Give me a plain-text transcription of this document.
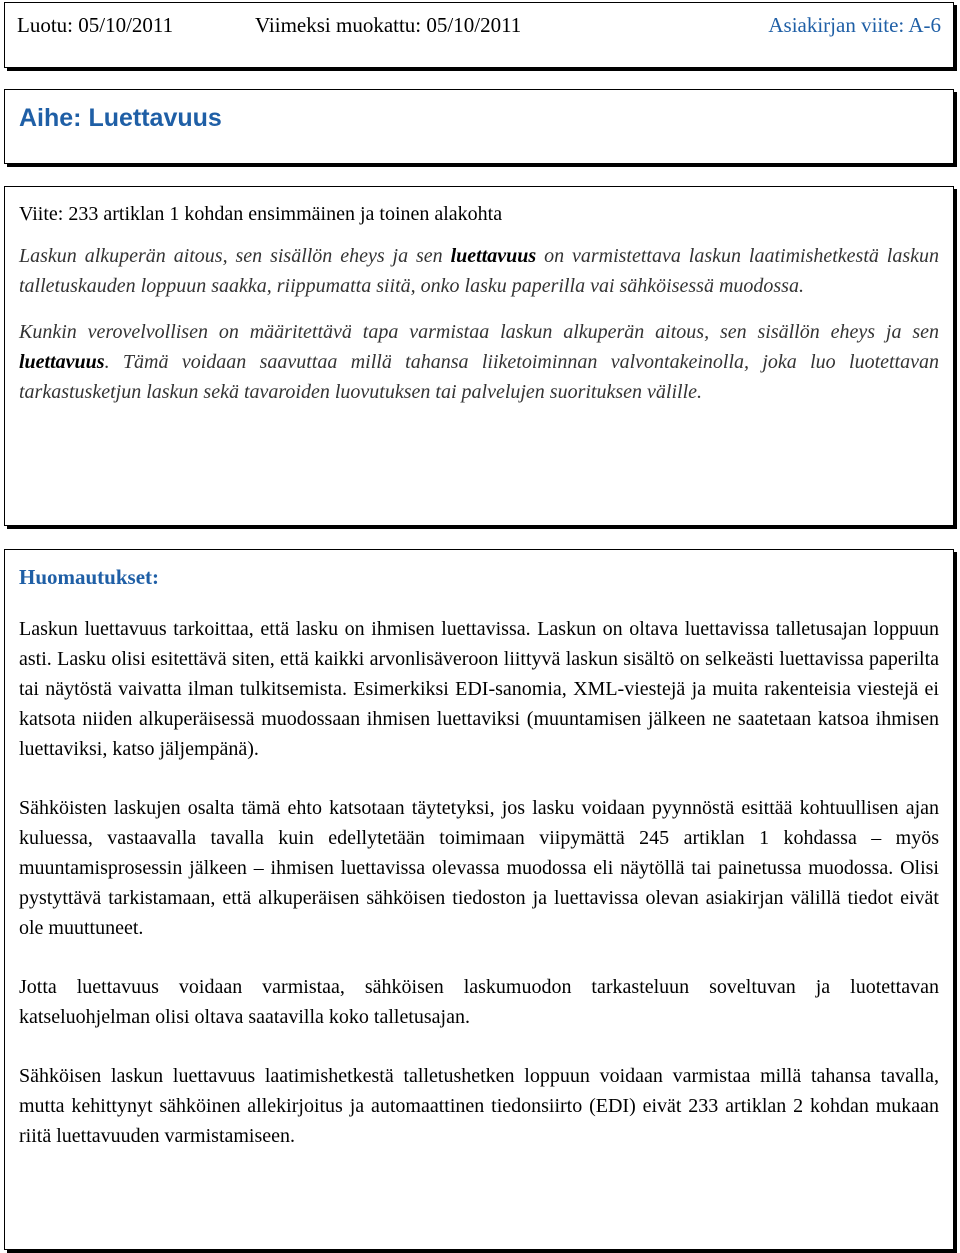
Luotu: 05/10/2011	Viimeksi muokattu: 05/10/2011	Asiakirjan viite: A-6
Aihe: Luettavuus

Viite: 233 artiklan 1 kohdan ensimmäinen ja toinen alakohta

Laskun alkuperän aitous, sen sisällön eheys ja sen luettavuus on varmistettava laskun laatimishetkestä laskun talletuskauden loppuun saakka, riippumatta siitä, onko lasku paperilla vai sähköisessä muodossa.

Kunkin verovelvollisen on määritettävä tapa varmistaa laskun alkuperän aitous, sen sisällön eheys ja sen luettavuus. Tämä voidaan saavuttaa millä tahansa liiketoiminnan valvontakeinolla, joka luo luotettavan tarkastusketjun laskun sekä tavaroiden luovutuksen tai palvelujen suorituksen välille.

Huomautukset:

Laskun luettavuus tarkoittaa, että lasku on ihmisen luettavissa. Laskun on oltava luettavissa talletusajan loppuun asti. Lasku olisi esitettävä siten, että kaikki arvonlisäveroon liittyvä laskun sisältö on selkeästi luettavissa paperilta tai näytöstä vaivatta ilman tulkitsemista. Esimerkiksi EDI-sanomia, XML-viestejä ja muita rakenteisia viestejä ei katsota niiden alkuperäisessä muodossaan ihmisen luettaviksi (muuntamisen jälkeen ne saatetaan katsoa ihmisen luettaviksi, katso jäljempänä).

Sähköisten laskujen osalta tämä ehto katsotaan täytetyksi, jos lasku voidaan pyynnöstä esittää kohtuullisen ajan kuluessa, vastaavalla tavalla kuin edellytetään toimimaan viipymättä 245 artiklan 1 kohdassa – myös muuntamisprosessin jälkeen – ihmisen luettavissa olevassa muodossa eli näytöllä tai painetussa muodossa. Olisi pystyttävä tarkistamaan, että alkuperäisen sähköisen tiedoston ja luettavissa olevan asiakirjan välillä tiedot eivät ole muuttuneet.

Jotta luettavuus voidaan varmistaa, sähköisen laskumuodon tarkasteluun soveltuvan ja luotettavan katseluohjelman olisi oltava saatavilla koko talletusajan.

Sähköisen laskun luettavuus laatimishetkestä talletushetken loppuun voidaan varmistaa millä tahansa tavalla, mutta kehittynyt sähköinen allekirjoitus ja automaattinen tiedonsiirto (EDI) eivät 233 artiklan 2 kohdan mukaan riitä luettavuuden varmistamiseen.
